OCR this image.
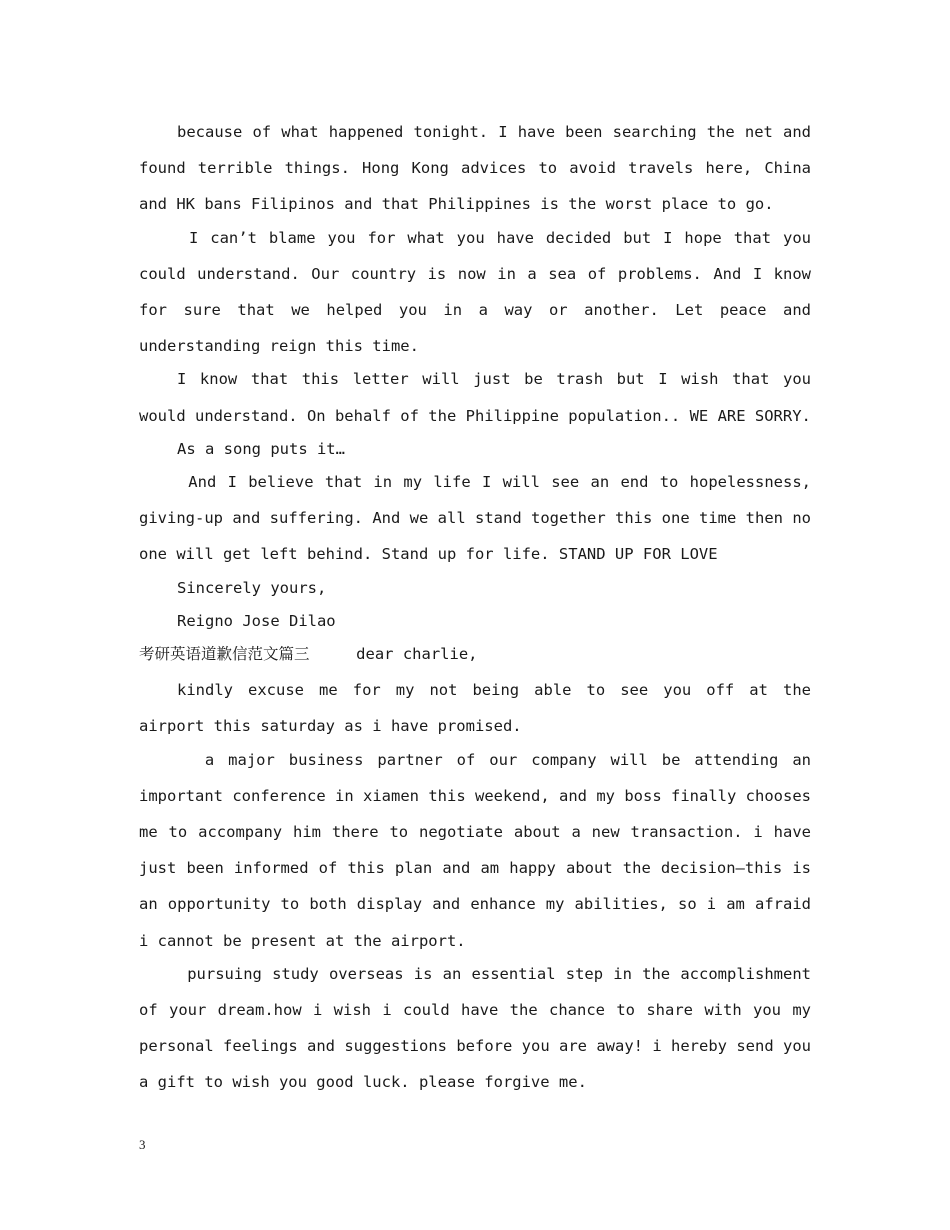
because of what happened tonight. I have been searching the net and found terrible things. Hong Kong advices to avoid travels here, China and HK bans Filipinos and that Philippines is the worst place to go.

I can’t blame you for what you have decided but I hope that you could understand. Our country is now in a sea of problems. And I know for sure that we helped you in a way or another. Let peace and understanding reign this time.

I know that this letter will just be trash but I wish that you would understand. On behalf of the Philippine population.. WE ARE SORRY.

As a song puts it…

And I believe that in my life I will see an end to hopelessness, giving-up and suffering. And we all stand together this one time then no one will get left behind. Stand up for life. STAND UP FOR LOVE

Sincerely yours,

Reigno Jose Dilao

考研英语道歉信范文篇三     dear charlie,

kindly excuse me for my not being able to see you off at the airport this saturday as i have promised.

a major business partner of our company will be attending an important conference in xiamen this weekend, and my boss finally chooses me to accompany him there to negotiate about a new transaction. i have just been informed of this plan and am happy about the decision—this is an opportunity to both display and enhance my abilities, so i am afraid i cannot be present at the airport.

pursuing study overseas is an essential step in the accomplishment of your dream.how i wish i could have the chance to share with you my personal feelings and suggestions before you are away! i hereby send you a gift to wish you good luck. please forgive me.

3
